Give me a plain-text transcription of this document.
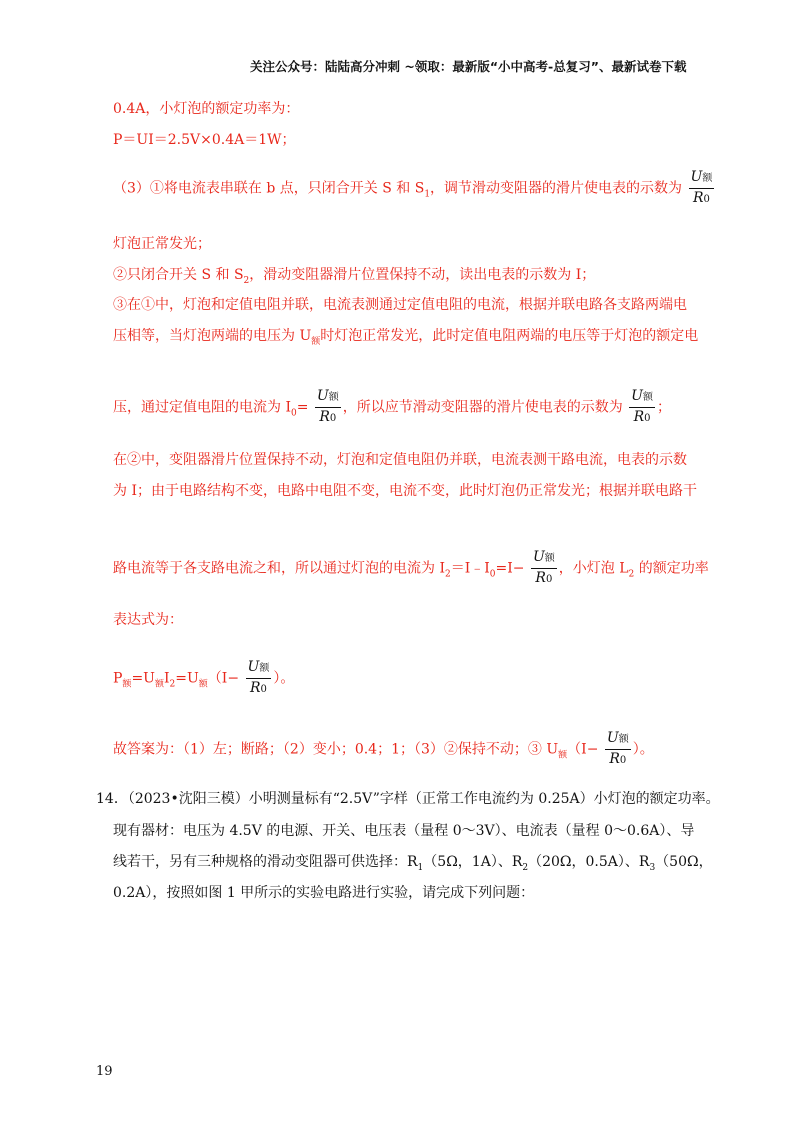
关注公众号：陆陆高分冲刺 ~领取：最新版“小中高考-总复习”、最新试卷下载
0.4A，小灯泡的额定功率为：
P＝UI＝2.5V×0.4A＝1W；
（3）①将电流表串联在 b 点，只闭合开关 S 和 $S_1$，调节滑动变阻器的滑片使电表的示数为 $\frac{\text{U额}}{R0}$
灯泡正常发光；
②只闭合开关 S 和 $S_2$，滑动变阻器滑片位置保持不动，读出电表的示数为 I；
③在①中，灯泡和定值电阻并联，电流表测通过定值电阻的电流，根据并联电路各支路两端电
压相等，当灯泡两端的电压为 $U_额$时灯泡正常发光，此时定值电阻两端的电压等于灯泡的额定电
压，通过定值电阻的电流为 $I_0= \frac{\text{U额}}{R0}$ ，所以应节滑动变阻器的滑片使电表的示数为 $\frac{\text{U额}}{R0}$ ；
在②中，变阻器滑片位置保持不动，灯泡和定值电阻仍并联，电流表测干路电流，电表的示数
为 I；由于电路结构不变，电路中电阻不变，电流不变，此时灯泡仍正常发光；根据并联电路干
路电流等于各支路电流之和，所以通过灯泡的电流为 $I_2=I﹣I_0=I- \frac{\text{U额}}{R0}$ ，小灯泡 $L_2$ 的额定功率
表达式为：
$P_额=U_额I_2=U_额(I- \frac{\text{U额}}{R0}$ ）。
故答案为：（1）左；断路；（2）变小；0.4；1；（3）②保持不动；③ $U_额(I- \frac{\text{U额}}{R0}$ ）。
14．（2023•沈阳三模）小明测量标有“2.5V”字样（正常工作电流约为 0.25A）小灯泡的额定功率。
现有器材：电压为 4.5V 的电源、开关、电压表（量程 0～3V）、电流表（量程 0～0.6A）、导
线若干，另有三种规格的滑动变阻器可供选择：$R_1(5\Omega$，1A）、$R_2(20\Omega$，0.5A）、$R_3(50\Omega$，
0.2A），按照如图 1 甲所示的实验电路进行实验，请完成下列问题：
19
